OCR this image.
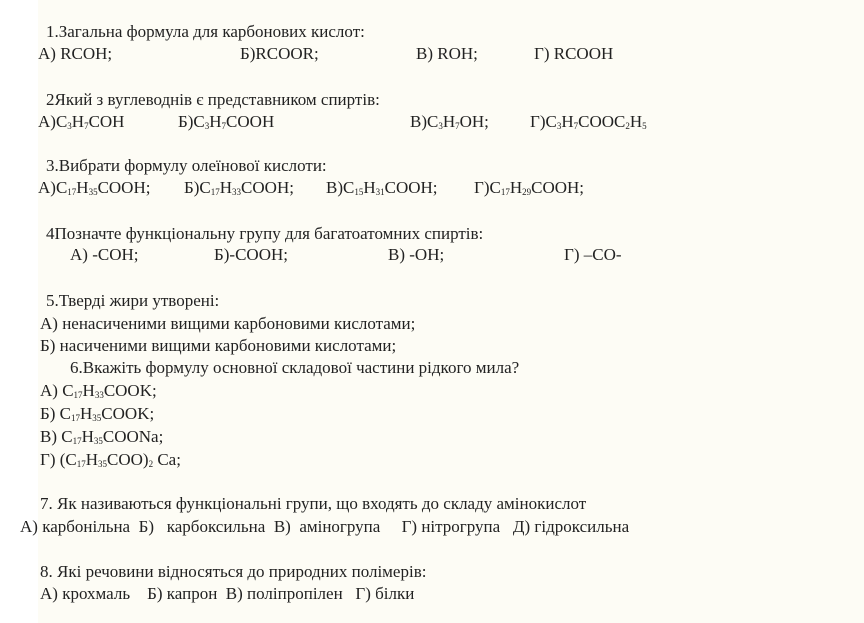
1.Загальна формула для карбонових кислот:
А) RCOH;	Б)RCOOR;	В) ROH;	Г) RCOOH
2Який з вуглеводнів є представником спиртів:
$А)C_3H_7COH$	$Б)C_3H_7COOH$	$В)C_3H_7OH$; $Г)C_3H_7COOC_2H_5$
3.Вибрати формулу олеїнової кислоти:
$А)C_{17}H_{35}COOH$; $Б)C_{17}H_{33}COOH$; $В)C_{15}H_{31}COOH$; $Г)C_{17}H_{29}COOH$;
4Позначте функціональну групу для багатоатомних спиртів:
А) -COH;	Б)-COOH;	В) -OH;	Г) –CO-
5.Тверді жири утворені:
А) ненасиченими вищими карбоновими кислотами;
Б) насиченими вищими карбоновими кислотами;
6.Вкажіть формулу основної складової частини рідкого мила?
А) $C_{17}H_{33}COOK$;
Б) $C_{17}H_{35}COOK$;
В) $C_{17}H_{35}COONa$;
Г) $(C_{17}H_{35}COO)_2$ Ca;
7. Як називаються функціональні групи, що входять до складу амінокислот
А) карбонільна  Б)   карбоксильна  В)  аміногрупа     Г) нітрогрупа   Д) гідроксильна
8. Які речовини відносяться до природних полімерів:
А) крохмаль    Б) капрон  В) поліпропілен   Г) білки
